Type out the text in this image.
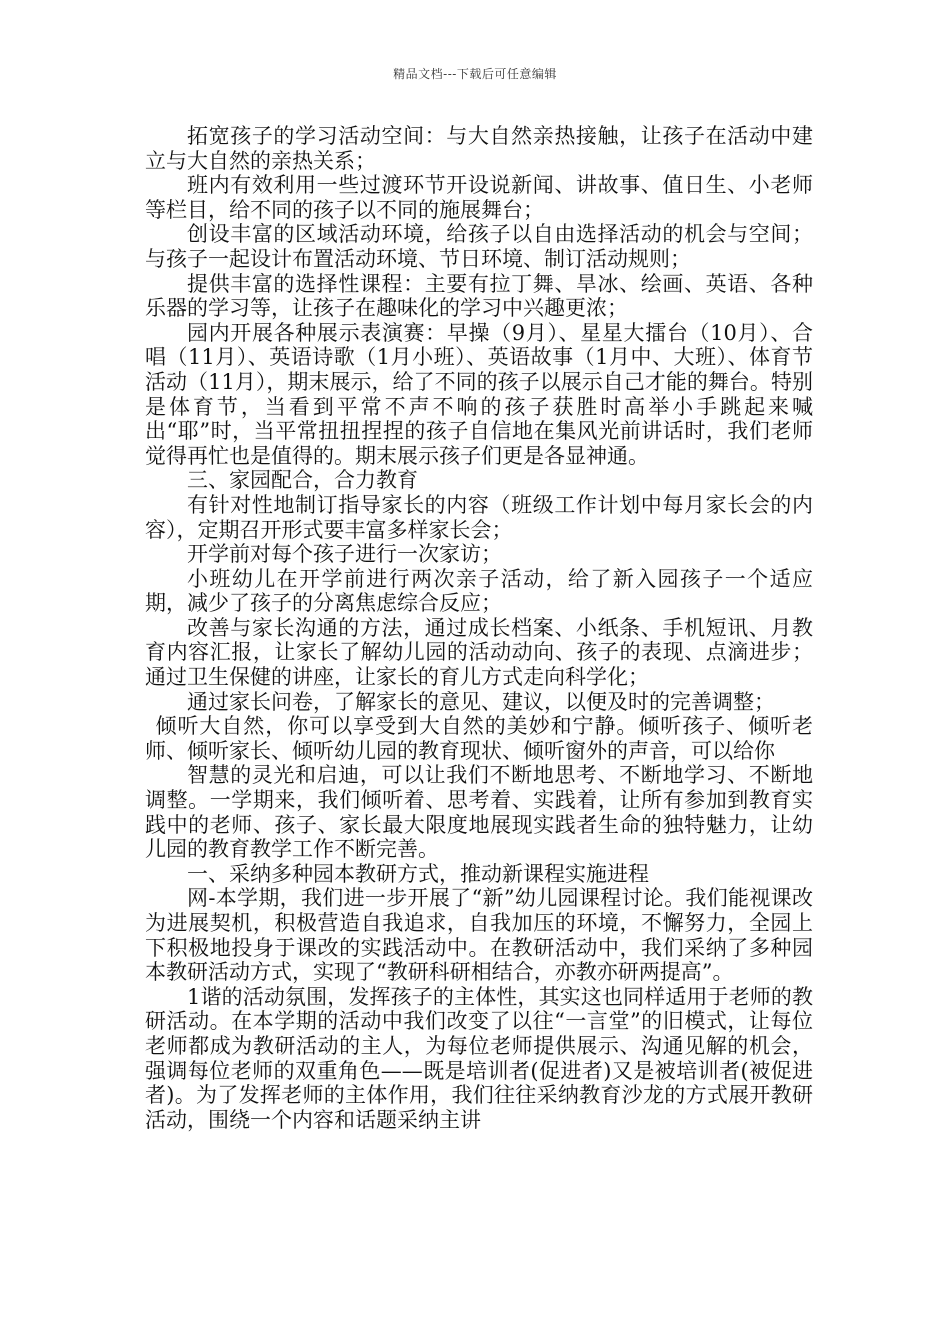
精品文档---下载后可任意编辑

拓宽孩子的学习活动空间：与大自然亲热接触，让孩子在活动中建立与大自然的亲热关系；

班内有效利用一些过渡环节开设说新闻、讲故事、值日生、小老师等栏目，给不同的孩子以不同的施展舞台；

创设丰富的区域活动环境，给孩子以自由选择活动的机会与空间；与孩子一起设计布置活动环境、节日环境、制订活动规则；

提供丰富的选择性课程：主要有拉丁舞、旱冰、绘画、英语、各种乐器的学习等，让孩子在趣味化的学习中兴趣更浓；

园内开展各种展示表演赛：早操（9月）、星星大擂台（10月）、合唱（11月）、英语诗歌（1月小班）、英语故事（1月中、大班）、体育节活动（11月），期末展示，给了不同的孩子以展示自己才能的舞台。特别是体育节，当看到平常不声不响的孩子获胜时高举小手跳起来喊出“耶”时，当平常扭扭捏捏的孩子自信地在集风光前讲话时，我们老师觉得再忙也是值得的。期末展示孩子们更是各显神通。

三、家园配合，合力教育

有针对性地制订指导家长的内容（班级工作计划中每月家长会的内容），定期召开形式要丰富多样家长会；

开学前对每个孩子进行一次家访；

小班幼儿在开学前进行两次亲子活动，给了新入园孩子一个适应期，减少了孩子的分离焦虑综合反应；

改善与家长沟通的方法，通过成长档案、小纸条、手机短讯、月教育内容汇报，让家长了解幼儿园的活动动向、孩子的表现、点滴进步；通过卫生保健的讲座，让家长的育儿方式走向科学化；

通过家长问卷，了解家长的意见、建议，以便及时的完善调整；

倾听大自然，你可以享受到大自然的美妙和宁静。倾听孩子、倾听老师、倾听家长、倾听幼儿园的教育现状、倾听窗外的声音，可以给你

智慧的灵光和启迪，可以让我们不断地思考、不断地学习、不断地调整。一学期来，我们倾听着、思考着、实践着，让所有参加到教育实践中的老师、孩子、家长最大限度地展现实践者生命的独特魅力，让幼儿园的教育教学工作不断完善。

一、采纳多种园本教研方式，推动新课程实施进程

网-本学期，我们进一步开展了“新”幼儿园课程讨论。我们能视课改为进展契机，积极营造自我追求，自我加压的环境，不懈努力，全园上下积极地投身于课改的实践活动中。在教研活动中，我们采纳了多种园本教研活动方式，实现了“教研科研相结合，亦教亦研两提高”。

1谐的活动氛围，发挥孩子的主体性，其实这也同样适用于老师的教研活动。在本学期的活动中我们改变了以往“一言堂”的旧模式，让每位老师都成为教研活动的主人，为每位老师提供展示、沟通见解的机会，强调每位老师的双重角色——既是培训者(促进者)又是被培训者(被促进者)。为了发挥老师的主体作用，我们往往采纳教育沙龙的方式展开教研活动，围绕一个内容和话题采纳主讲
